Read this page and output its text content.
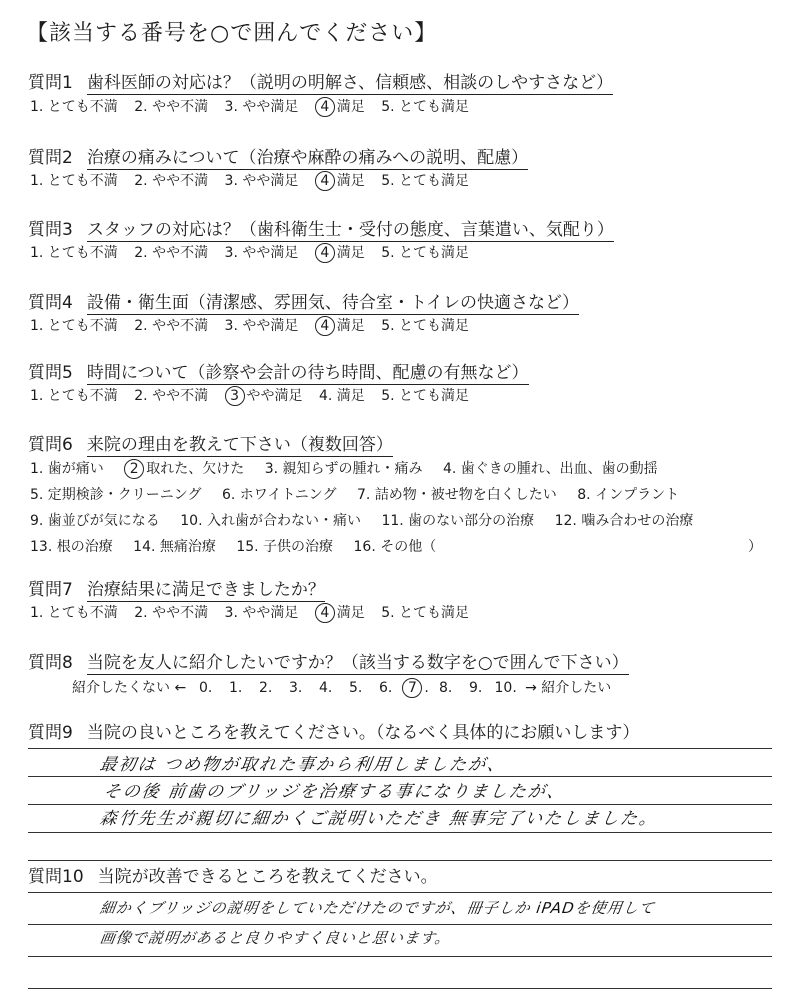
【該当する番号を○で囲んでください】
質問1 歯科医師の対応は？（説明の明解さ、信頼感、相談のしやすさなど）
1. とても不満 2. やや不満 3. やや満足 4 満足 5. とても満足
質問2 治療の痛みについて（治療や麻酔の痛みへの説明、配慮）
1. とても不満 2. やや不満 3. やや満足 4 満足 5. とても満足
質問3 スタッフの対応は？（歯科衛生士・受付の態度、言葉遣い、気配り）
1. とても不満 2. やや不満 3. やや満足 4 満足 5. とても満足
質問4 設備・衛生面（清潔感、雰囲気、待合室・トイレの快適さなど）
1. とても不満 2. やや不満 3. やや満足 4 満足 5. とても満足
質問5 時間について（診察や会計の待ち時間、配慮の有無など）
1. とても不満 2. やや不満 3 やや満足 4. 満足 5. とても満足
質問6 来院の理由を教えて下さい（複数回答）
1. 歯が痛い 2 取れた、欠けた 3. 親知らずの腫れ・痛み 4. 歯ぐきの腫れ、出血、歯の動揺
5. 定期検診・クリーニング 6. ホワイトニング 7. 詰め物・被せ物を白くしたい 8. インプラント
9. 歯並びが気になる 10. 入れ歯が合わない・痛い 11. 歯のない部分の治療 12. 噛み合わせの治療
13. 根の治療 14. 無痛治療 15. 子供の治療 16. その他（	）
質問7 治療結果に満足できましたか？
1. とても不満 2. やや不満 3. やや満足 4 満足 5. とても満足
質問8 当院を友人に紹介したいですか？（該当する数字を○で囲んで下さい）
紹介したくない ← 0. 1. 2. 3. 4. 5. 6. 7 . 8. 9. 10. → 紹介したい
質問9 当院の良いところを教えてください。（なるべく具体的にお願いします）
最初は つめ物が取れた事から利用しましたが、
その後 前歯のブリッジを治療する事になりましたが、
森竹先生が親切に細かくご説明いただき 無事完了いたしました。
質問10 当院が改善できるところを教えてください。
細かくブリッジの説明をしていただけたのですが、冊子しか iPADを使用して
画像で説明があると良りやすく良いと思います。
